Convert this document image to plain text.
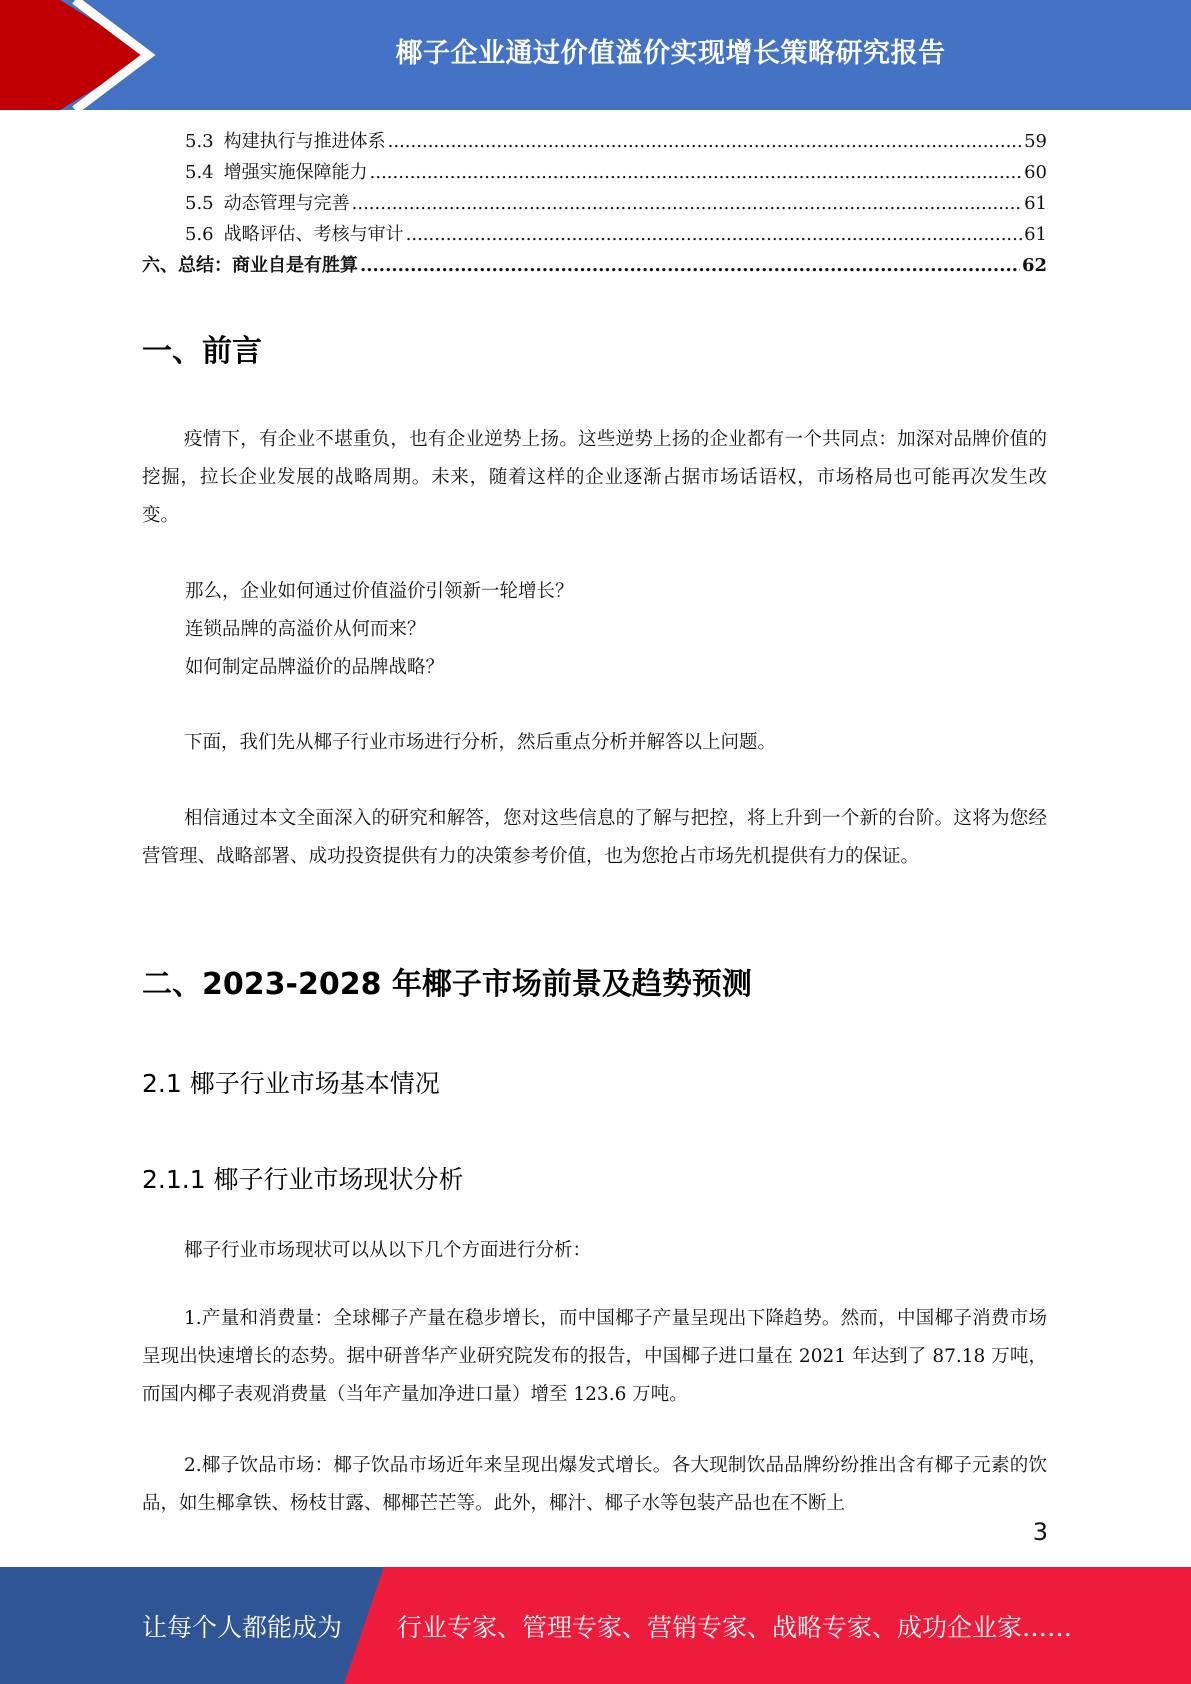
椰子企业通过价值溢价实现增长策略研究报告
5.3 构建执行与推进体系 .....	59
5.4 增强实施保障能力 .....	60
5.5 动态管理与完善 .....	61
5.6 战略评估、考核与审计 .....	61
六、总结：商业自是有胜算 .....	62
一、前言

疫情下，有企业不堪重负，也有企业逆势上扬。这些逆势上扬的企业都有一个共同点：加深对品牌价值的挖掘，拉长企业发展的战略周期。未来，随着这样的企业逐渐占据市场话语权，市场格局也可能再次发生改变。

那么，企业如何通过价值溢价引领新一轮增长？
连锁品牌的高溢价从何而来？
如何制定品牌溢价的品牌战略？

下面，我们先从椰子行业市场进行分析，然后重点分析并解答以上问题。

相信通过本文全面深入的研究和解答，您对这些信息的了解与把控，将上升到一个新的台阶。这将为您经营管理、战略部署、成功投资提供有力的决策参考价值，也为您抢占市场先机提供有力的保证。

二、2023-2028 年椰子市场前景及趋势预测
2.1 椰子行业市场基本情况
2.1.1 椰子行业市场现状分析

椰子行业市场现状可以从以下几个方面进行分析：

1.产量和消费量：全球椰子产量在稳步增长，而中国椰子产量呈现出下降趋势。然而，中国椰子消费市场呈现出快速增长的态势。据中研普华产业研究院发布的报告，中国椰子进口量在 2021 年达到了 87.18 万吨，而国内椰子表观消费量（当年产量加净进口量）增至 123.6 万吨。

2.椰子饮品市场：椰子饮品市场近年来呈现出爆发式增长。各大现制饮品品牌纷纷推出含有椰子元素的饮品，如生椰拿铁、杨枝甘露、椰椰芒芒等。此外，椰汁、椰子水等包装产品也在不断上

3
让每个人都能成为 行业专家、管理专家、营销专家、战略专家、成功企业家……
